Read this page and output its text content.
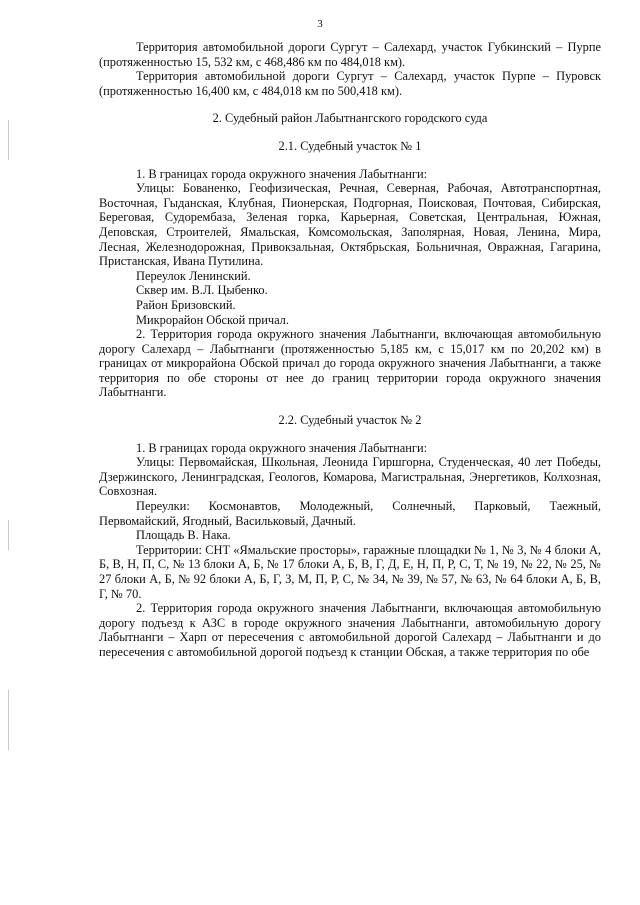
3

Территория автомобильной дороги Сургут – Салехард, участок Губкинский – Пурпе (протяженностью 15, 532 км, с 468,486 км по 484,018 км).

Территория автомобильной дороги Сургут – Салехард, участок Пурпе – Пуровск (протяженностью 16,400 км, с 484,018 км по 500,418 км).

2. Судебный район Лабытнангского городского суда
2.1. Судебный участок № 1

1. В границах города окружного значения Лабытнанги:

Улицы: Бованенко, Геофизическая, Речная, Северная, Рабочая, Автотранспортная, Восточная, Гыданская, Клубная, Пионерская, Подгорная, Поисковая, Почтовая, Сибирская, Береговая, Судорембаза, Зеленая горка, Карьерная, Советская, Центральная, Южная, Деповская, Строителей, Ямальская, Комсомольская, Заполярная, Новая, Ленина, Мира, Лесная, Железнодорожная, Привокзальная, Октябрьская, Больничная, Овражная, Гагарина, Пристанская, Ивана Путилина.

Переулок Ленинский.

Сквер им. В.Л. Цыбенко.

Район Бризовский.

Микрорайон Обской причал.

2. Территория города окружного значения Лабытнанги, включающая автомобильную дорогу Салехард – Лабытнанги (протяженностью 5,185 км, с 15,017 км по 20,202 км) в границах от микрорайона Обской причал до города окружного значения Лабытнанги, а также территория по обе стороны от нее до границ территории города окружного значения Лабытнанги.

2.2. Судебный участок № 2

1. В границах города окружного значения Лабытнанги:

Улицы: Первомайская, Школьная, Леонида Гиршгорна, Студенческая, 40 лет Победы, Дзержинского, Ленинградская, Геологов, Комарова, Магистральная, Энергетиков, Колхозная, Совхозная.

Переулки: Космонавтов, Молодежный, Солнечный, Парковый, Таежный, Первомайский, Ягодный, Васильковый, Дачный.

Площадь В. Нака.

Территории: СНТ «Ямальские просторы», гаражные площадки № 1, № 3, № 4 блоки А, Б, В, Н, П, С, № 13 блоки А, Б, № 17 блоки А, Б, В, Г, Д, Е, Н, П, Р, С, Т, № 19, № 22, № 25, № 27 блоки А, Б, № 92 блоки А, Б, Г, З, М, П, Р, С, № 34, № 39, № 57, № 63, № 64 блоки А, Б, В, Г, № 70.

2. Территория города окружного значения Лабытнанги, включающая автомобильную дорогу подъезд к АЗС в городе окружного значения Лабытнанги, автомобильную дорогу Лабытнанги – Харп от пересечения с автомобильной дорогой Салехард – Лабытнанги и до пересечения с автомобильной дорогой подъезд к станции Обская, а также территория по обе
